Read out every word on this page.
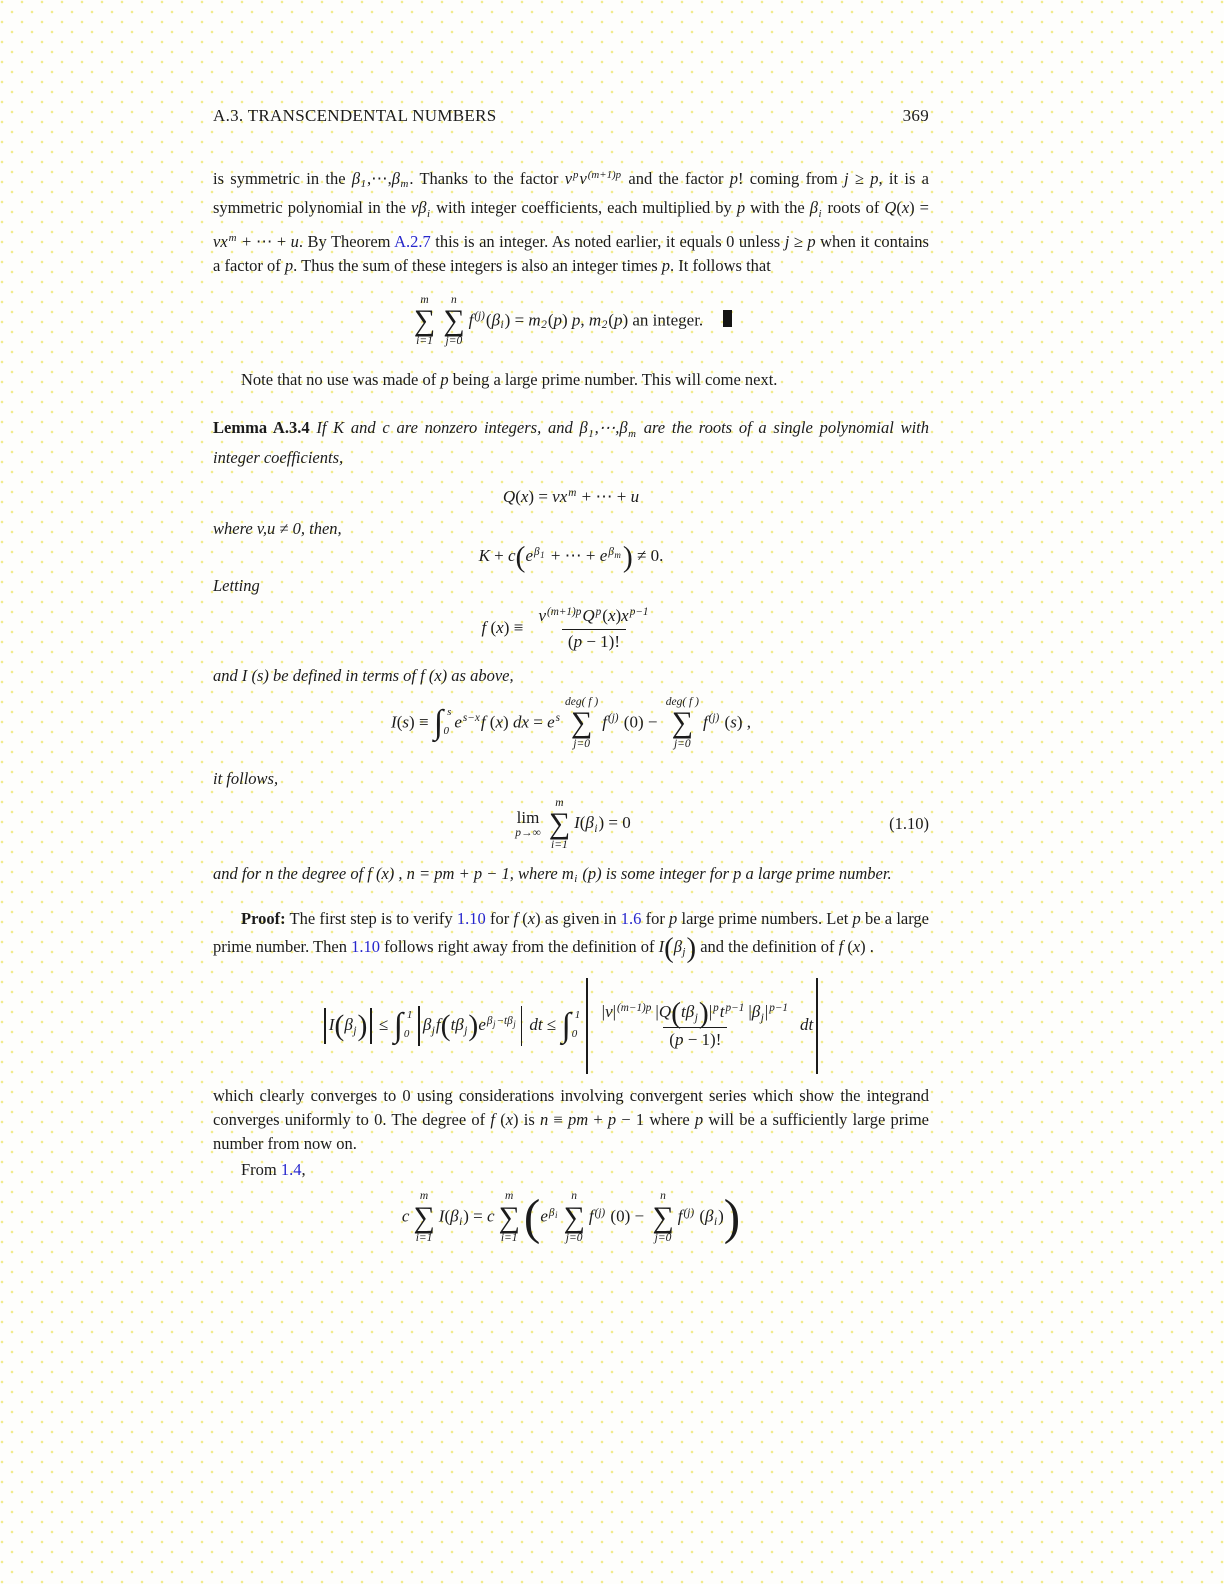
A.3. TRANSCENDENTAL NUMBERS	369
is symmetric in the β1,⋯,βm. Thanks to the factor $v^pv^{(m+1)p}$ and the factor p! coming from j ≥ p, it is a symmetric polynomial in the vβi with integer coefficients, each multiplied by p with the βi roots of $Q(x) = vx^m$ + ⋯ + u. By Theorem A.2.7 this is an integer. As noted earlier, it equals 0 unless j ≥ p when it contains a factor of p. Thus the sum of these integers is also an integer times p. It follows that
m
∑
i=1
n
∑
j=0
$f^{(j)}(\beta i) = m2(p)$ p, m2(p) an integer.
Note that no use was made of p being a large prime number. This will come next.
Lemma A.3.4 If K and c are nonzero integers, and β1,⋯,βm are the roots of a single polynomial with integer coefficients,
$Q(x) = vx^m$ + ⋯ + u
where v,u ≠ 0, then,
$K + c(e^{\beta_1}$ + ⋯ + $e^{\beta_m}) \ne 0$.
Letting
f (x) ≡
$v^{(m+1)p}Q^p(x)x^{p-1}$
(p − 1)!
and I (s) be defined in terms of f (x) as above,
I(s) ≡ ∫ s
0
$e^{s-x}f$ (x) dx = $e^s$
deg( f )
∑
j=0
$f^{(j)}$ (0) −
deg( f )
∑
j=0
$f^{(j)}$ (s) ,
it follows,
lim
p→∞
m
∑
i=1
I(βi) = 0	(1.10)
and for n the degree of f (x) , n = pm + p − 1, where mi (p) is some integer for p a large prime number.
Proof: The first step is to verify 1.10 for f (x) as given in 1.6 for p large prime numbers. Let p be a large prime number. Then 1.10 follows right away from the definition of I(βj) and the definition of f (x) .
I(βj) ≤ ∫ 1
0
$\beta jf(t\beta j)e^{\beta_j-t\beta_j}$ dt ≤ ∫ 1
0
$|v|^{(m-1)p}$ $|Q(t\beta j)|^pt^{p-1}$ $|\beta j|^{p-1}$
(p − 1)!
dt
which clearly converges to 0 using considerations involving convergent series which show the integrand converges uniformly to 0. The degree of f (x) is n ≡ pm + p − 1 where p will be a sufficiently large prime number from now on.
From 1.4,
c
m
∑
i=1
I(βi) = c
m
∑
i=1 ($e^{\beta_i}$
n
∑
j=0
$f^{(j)}$ (0) −
n
∑
j=0
$f^{(j)}$ (βi))
